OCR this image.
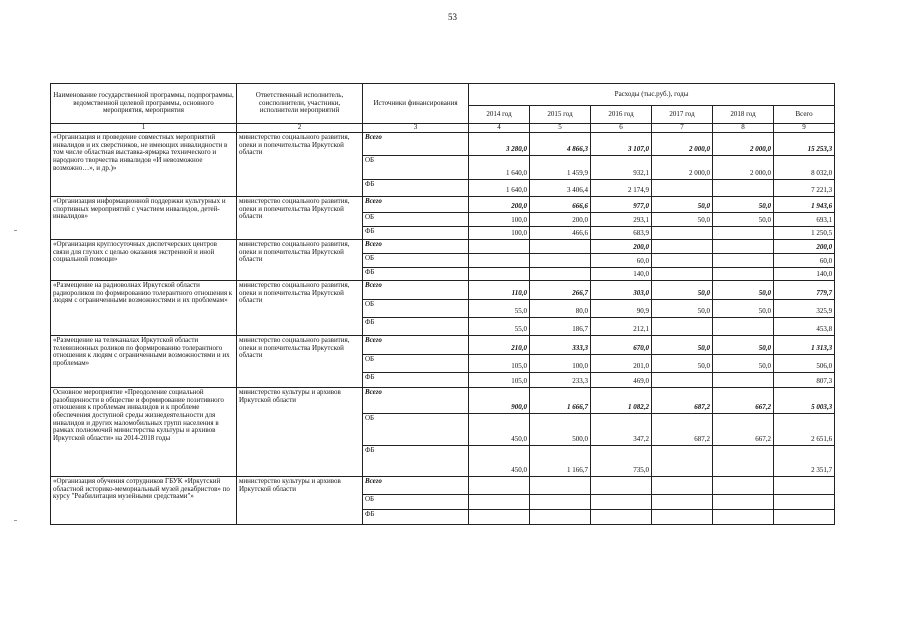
53
Наименование государственной программы, подпрограммы, ведомственной целевой программы, основного мероприятия, мероприятия	Ответственный исполнитель, соисполнители, участники, исполнители мероприятий	Источники финансирования	Расходы (тыс.руб.), годы					
			2014 год	2015 год	2016 год	2017 год	2018 год	Всего
1	2	3	4	5	6	7	8	9
«Организация и проведение совместных мероприятий инвалидов и их сверстников, не имеющих инвалидности в том числе областная выставка-ярмарка технического и народного творчества инвалидов «И невозможное возможно…», и др.)»	министерство социального развития, опеки и попечительства Иркутской области	Всего	3 280,0	4 866,3	3 107,0	2 000,0	2 000,0	15 253,3
		ОБ	1 640,0	1 459,9	932,1	2 000,0	2 000,0	8 032,0
		ФБ	1 640,0	3 406,4	2 174,9			7 221,3
«Организация информационной поддержки культурных и спортивных мероприятий с участием инвалидов, детей-инвалидов»	министерство социального развития, опеки и попечительства Иркутской области	Всего	200,0	666,6	977,0	50,0	50,0	1 943,6
		ОБ	100,0	200,0	293,1	50,0	50,0	693,1
		ФБ	100,0	466,6	683,9			1 250,5
«Организация круглосуточных диспетчерских центров связи для глухих с целью оказания экстренной и иной социальной помощи»	министерство социального развития, опеки и попечительства Иркутской области	Всего			200,0			200,0
		ОБ			60,0			60,0
		ФБ			140,0			140,0
«Размещение на радиоволнах Иркутской области радиороликов по формированию толерантного отношения к людям с ограниченными возможностями и их проблемам»	министерство социального развития, опеки и попечительства Иркутской области	Всего	110,0	266,7	303,0	50,0	50,0	779,7
		ОБ	55,0	80,0	90,9	50,0	50,0	325,9
		ФБ	55,0	186,7	212,1			453,8
«Размещение на телеканалах Иркутской области телевизионных роликов по формированию толерантного отношения к людям с ограниченными возможностями и их проблемам»	министерство социального развития, опеки и попечительства Иркутской области	Всего	210,0	333,3	670,0	50,0	50,0	1 313,3
		ОБ	105,0	100,0	201,0	50,0	50,0	506,0
		ФБ	105,0	233,3	469,0			807,3
Основное мероприятие «Преодоление социальной разобщенности в обществе и формирование позитивного отношения к проблемам инвалидов и к проблеме обеспечения доступной среды жизнедеятельности для инвалидов и других маломобильных групп населения в рамках полномочий министерства культуры и архивов Иркутской области» на 2014-2018 годы	министерство культуры и архивов Иркутской области	Всего	900,0	1 666,7	1 082,2	687,2	667,2	5 003,3
		ОБ	450,0	500,0	347,2	687,2	667,2	2 651,6
		ФБ	450,0	1 166,7	735,0			2 351,7
«Организация обучения сотрудников ГБУК «Иркутский областной историко-мемориальный музей декабристов» по курсу "Реабилитация музейными средствами"»	министерство культуры и архивов Иркутской области	Всего						
		ОБ						
		ФБ						
